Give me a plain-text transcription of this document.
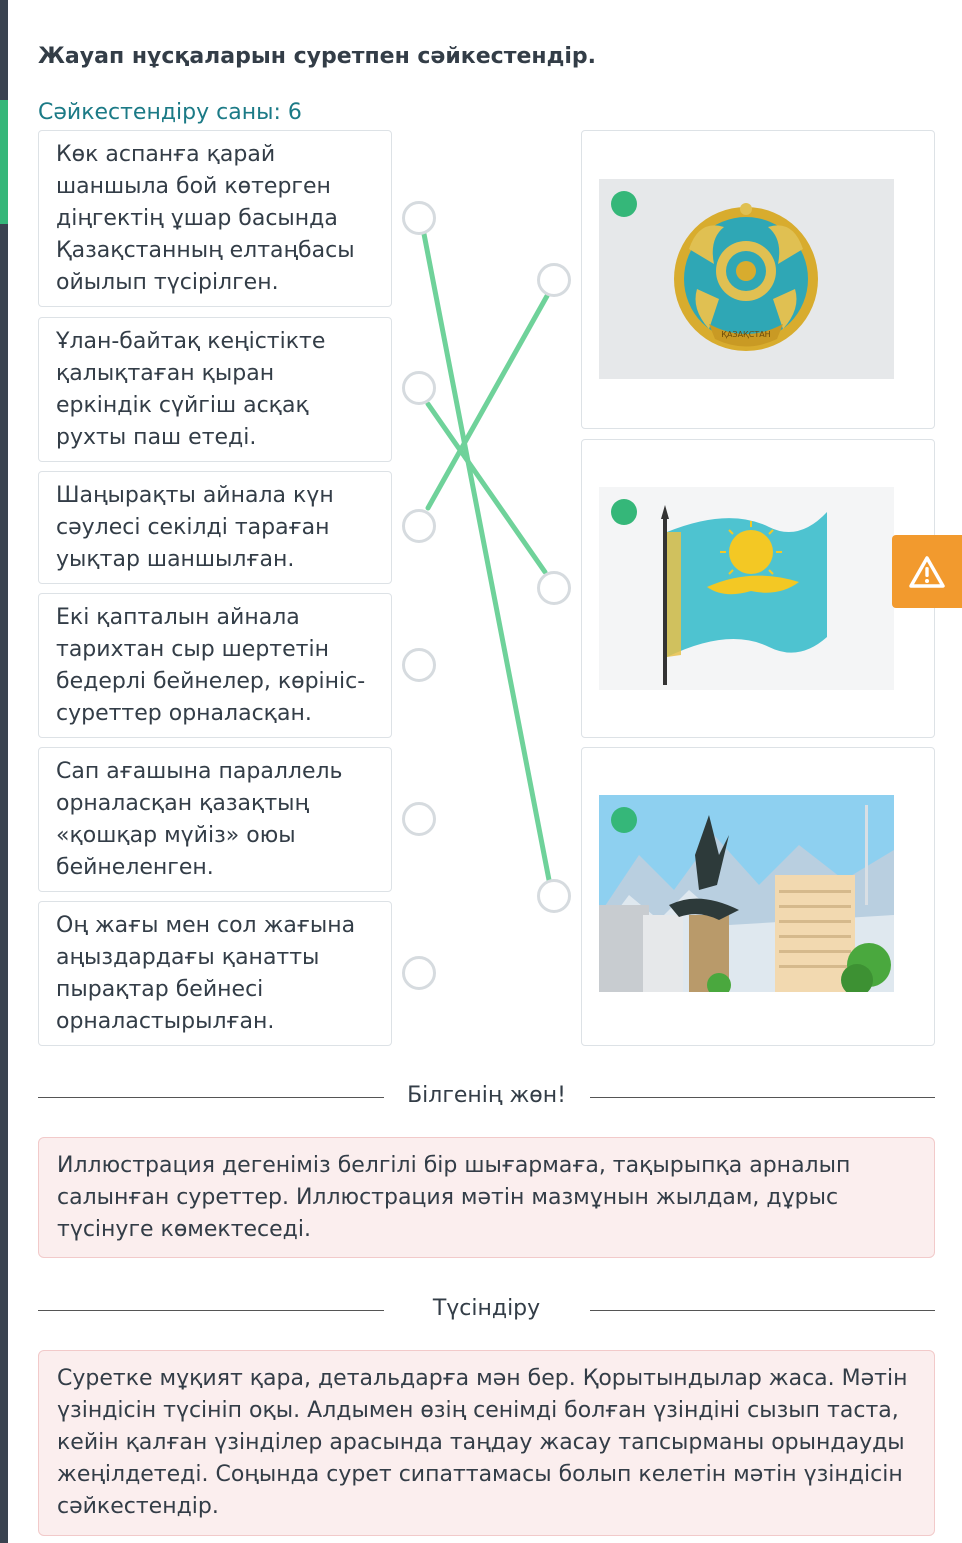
Жауап нұсқаларын суретпен сәйкестендір.
Сәйкестендіру саны: 6
Көк аспанға қарай шаншыла бой көтерген діңгектің ұшар басында Қазақстанның елтаңбасы ойылып түсірілген.
Ұлан-байтақ кеңістікте қалықтаған қыран еркіндік сүйгіш асқақ рухты паш етеді.
Шаңырақты айнала күн сәулесі секілді тараған уықтар шаншылған.
Екі қапталын айнала тарихтан сыр шертетін бедерлі бейнелер, көрініс-суреттер орналасқан.
Сап ағашына параллель орналасқан қазақтың «қошқар мүйіз» оюы бейнеленген.
Оң жағы мен сол жағына аңыздардағы қанатты пырақтар бейнесі орналастырылған.
ҚАЗАҚСТАН
Білгенің жөн!
Иллюстрация дегеніміз белгілі бір шығармаға, тақырыпқа арналып салынған суреттер. Иллюстрация мәтін мазмұнын жылдам, дұрыс түсінуге көмектеседі.
Түсіндіру
Суретке мұқият қара, детальдарға мән бер. Қорытындылар жаса. Мәтін үзіндісін түсініп оқы. Алдымен өзің сенімді болған үзіндіні сызып таста, кейін қалған үзінділер арасында таңдау жасау тапсырманы орындауды жеңілдетеді. Соңында сурет сипаттамасы болып келетін мәтін үзіндісін сәйкестендір.
